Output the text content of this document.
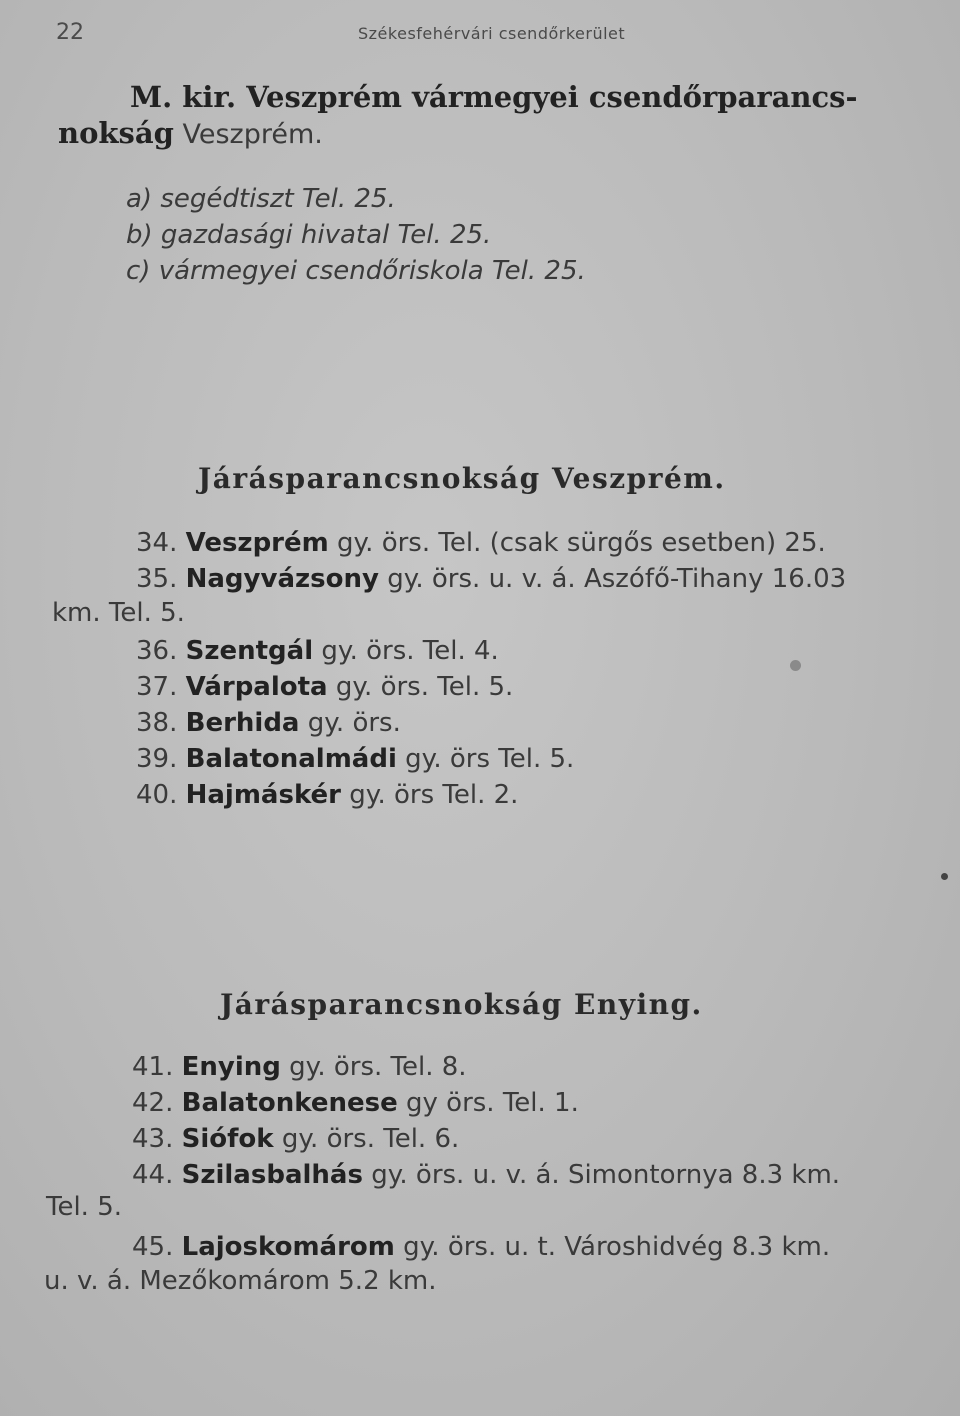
22	Székesfehérvári csendőrkerület
M. kir. Veszprém vármegyei csendőrparancs-
nokság Veszprém.
a) segédtiszt Tel. 25.
b) gazdasági hivatal Tel. 25.
c) vármegyei csendőriskola Tel. 25.
Járásparancsnokság Veszprém.
34. Veszprém gy. örs. Tel. (csak sürgős esetben) 25.
35. Nagyvázsony gy. örs. u. v. á. Aszófő-Tihany 16.03
km. Tel. 5.
36. Szentgál gy. örs. Tel. 4.
37. Várpalota gy. örs. Tel. 5.
38. Berhida gy. örs.
39. Balatonalmádi gy. örs Tel. 5.
40. Hajmáskér gy. örs Tel. 2.
Járásparancsnokság Enying.
41. Enying gy. örs. Tel. 8.
42. Balatonkenese gy örs. Tel. 1.
43. Siófok gy. örs. Tel. 6.
44. Szilasbalhás gy. örs. u. v. á. Simontornya 8.3 km.
Tel. 5.
45. Lajoskomárom gy. örs. u. t. Városhidvég 8.3 km.
u. v. á. Mezőkomárom 5.2 km.
